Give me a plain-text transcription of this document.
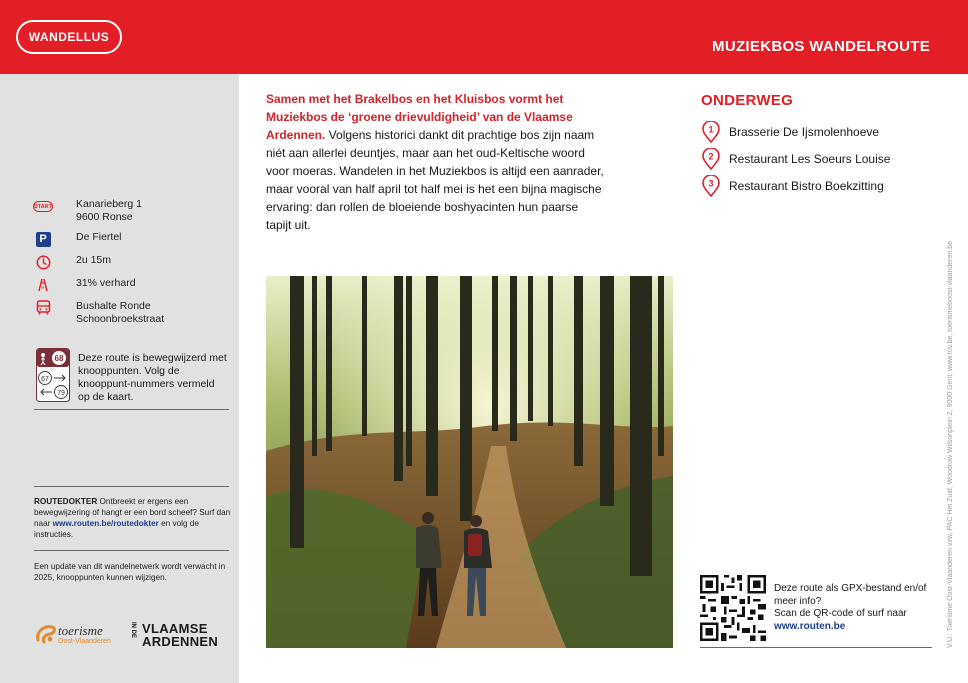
WANDELLUS
MUZIEKBOS WANDELROUTE
START Kanarieberg 1
9600 Ronse
P	De Fiertel
2u 15m
31% verhard
Bushalte Ronde
Schoonbroekstraat
68
67
79
Deze route is bewegwijzerd met knooppunten. Volg de knooppunt-nummers vermeld op de kaart.
ROUTEDOKTER Ontbreekt er ergens een bewegwijzering of hangt er een bord scheef? Surf dan naar www.routen.be/routedokter en volg de instructies.
Een update van dit wandelnetwerk wordt verwacht in 2025, knooppunten kunnen wijzigen.
toerisme
Oost-Vlaanderen
IN DE VLAAMSE
ARDENNEN
Samen met het Brakelbos en het Kluisbos vormt het Muziekbos de ‘groene drievuldigheid’ van de Vlaamse Ardennen. Volgens historici dankt dit prachtige bos zijn naam niét aan allerlei deuntjes, maar aan het oud-Keltische woord voor moeras. Wandelen in het Muziekbos is altijd een aanrader, maar vooral van half april tot half mei is het een bijna magische ervaring: dan rollen de bloeiende boshyacinten hun paarse tapijt uit.
ONDERWEG
1 Brasserie De Ijsmolenhoeve
2 Restaurant Les Soeurs Louise
3 Restaurant Bistro Boekzitting
V.U.: Toerisme Oost-Vlaanderen vzw, PAC Het Zuid, Woodrow Wilsonplein 2, 9000 Gent, www.tov.be, toerismeboost-vlaanderen.be
Deze route als GPX-bestand en/of meer info?
Scan de QR-code of surf naar
www.routen.be
